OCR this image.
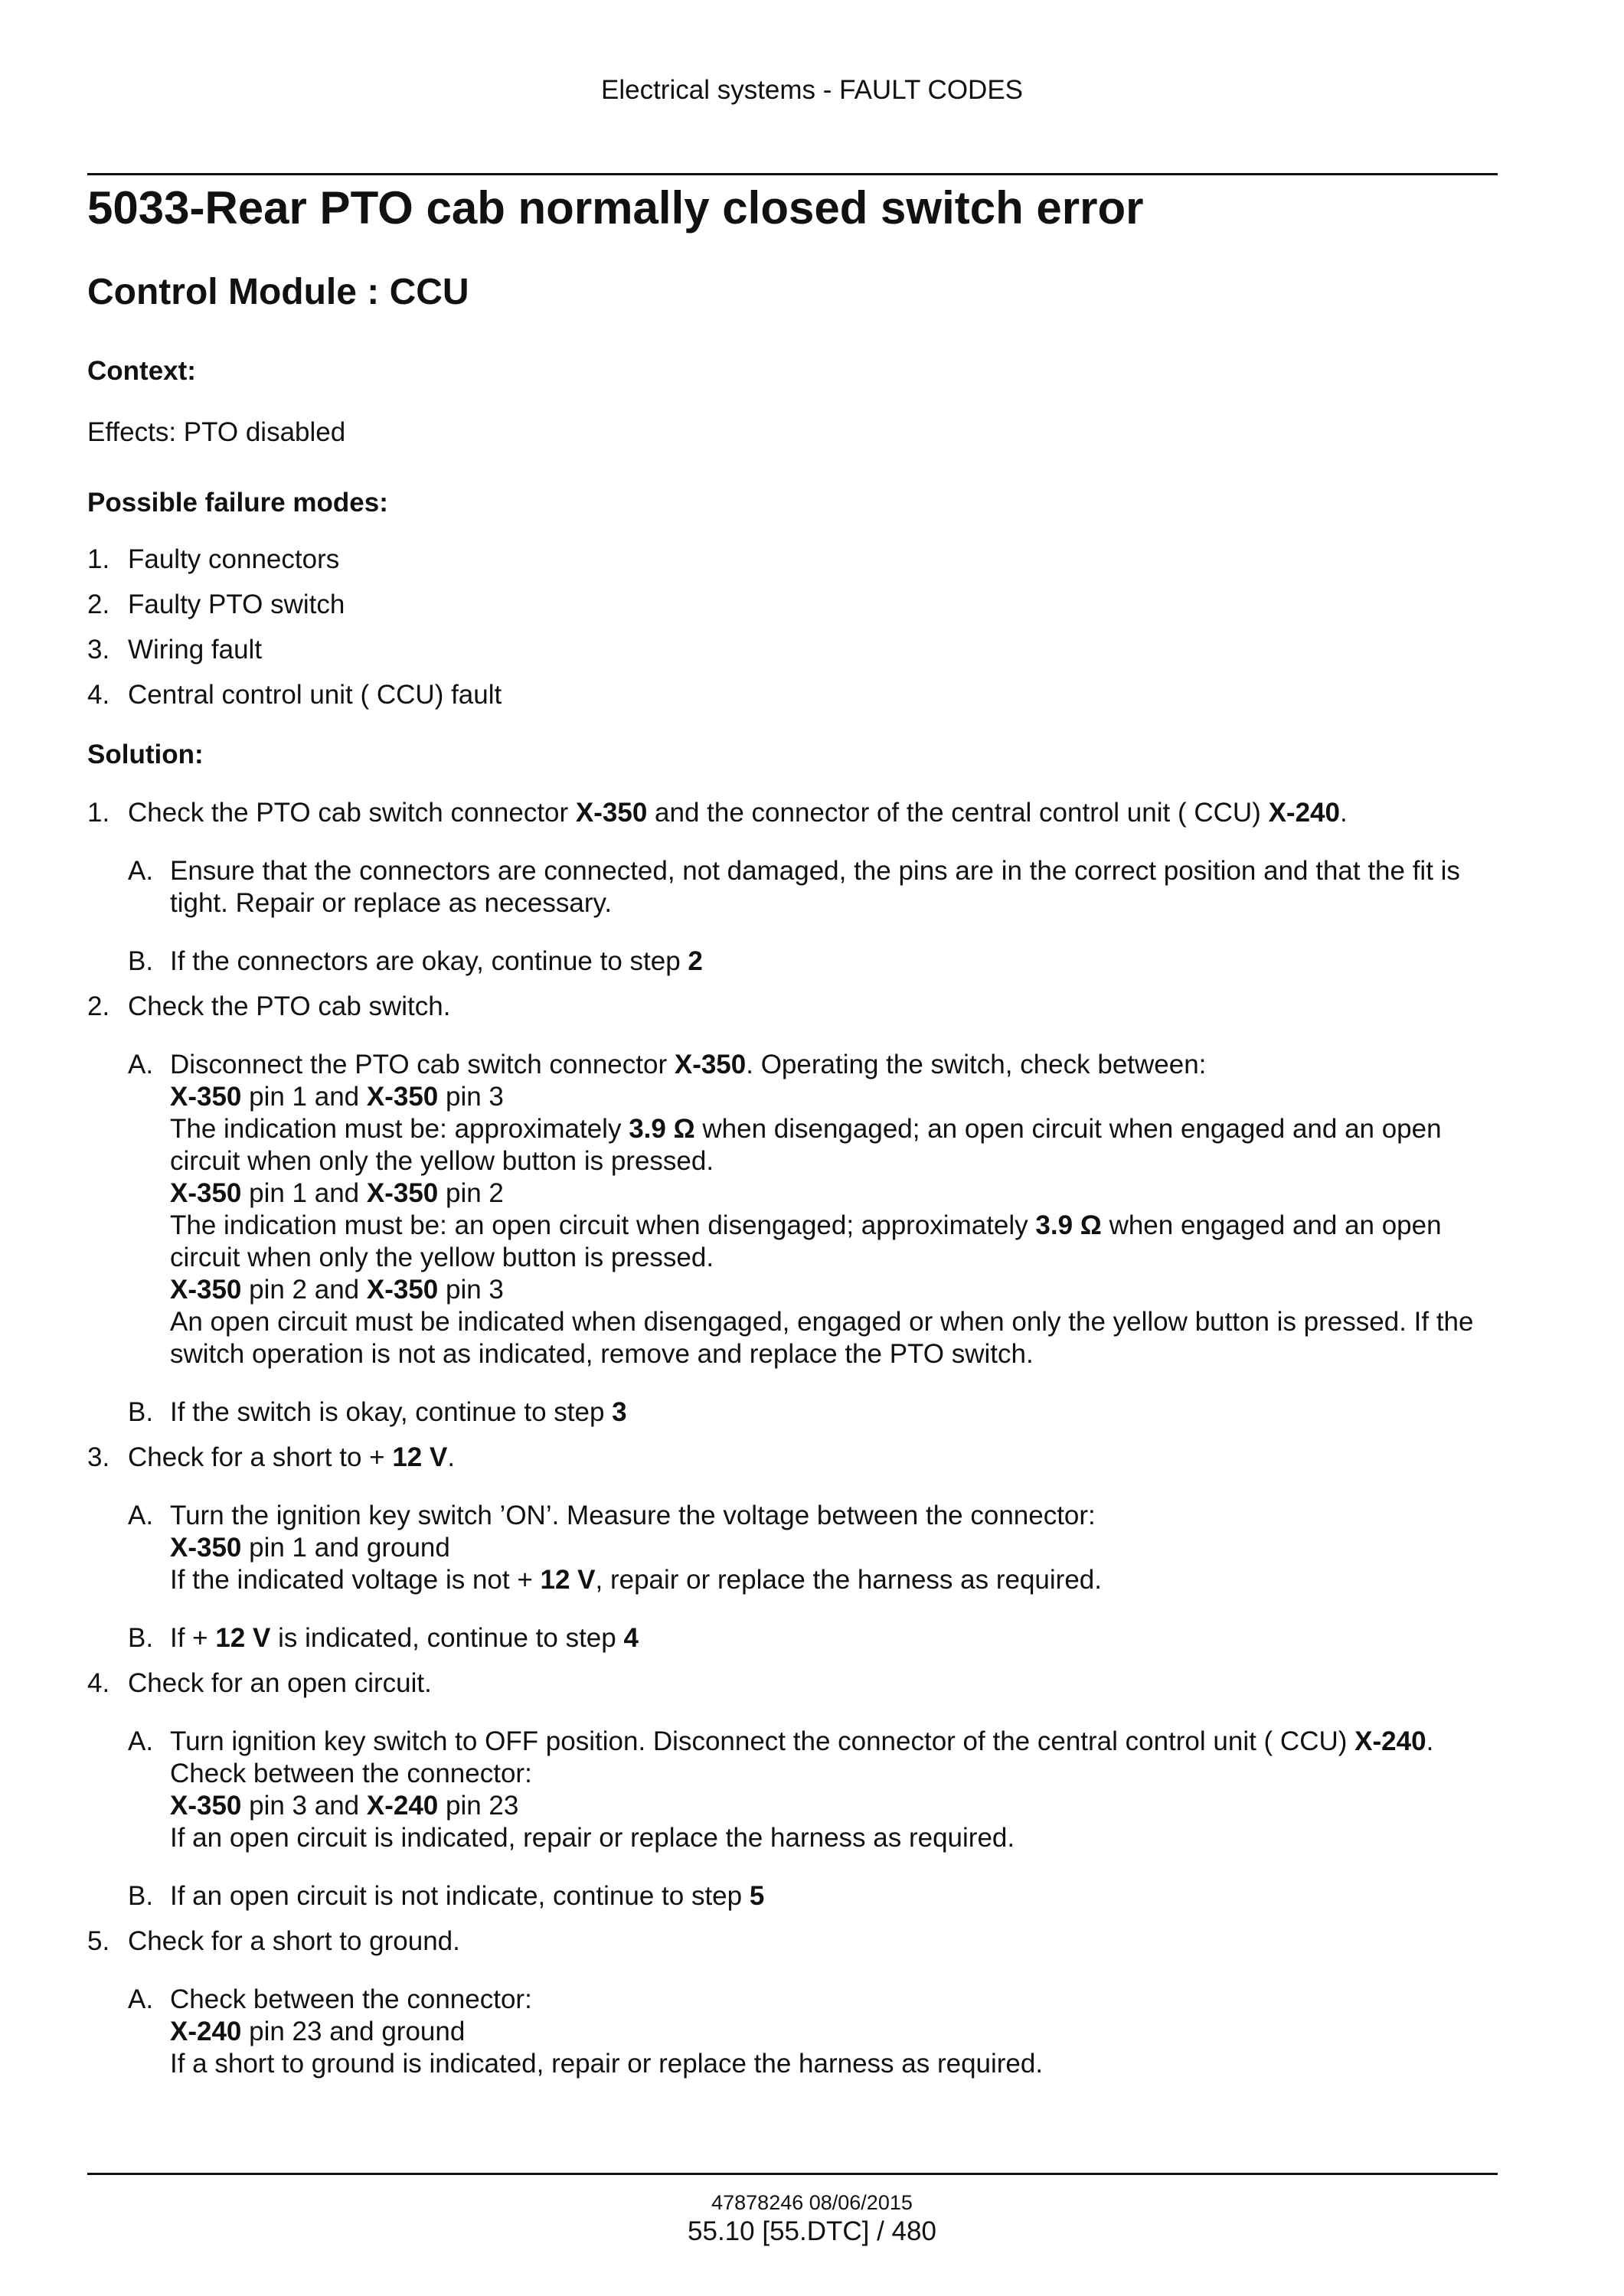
Electrical systems - FAULT CODES
5033-Rear PTO cab normally closed switch error
Control Module : CCU
Context:

Effects: PTO disabled

Possible failure modes:
1. Faulty connectors
2. Faulty PTO switch
3. Wiring fault
4. Central control unit ( CCU) fault
Solution:
1. Check the PTO cab switch connector X-350 and the connector of the central control unit ( CCU) X-240.
A. Ensure that the connectors are connected, not damaged, the pins are in the correct position and that the fit is tight. Repair or replace as necessary.
B. If the connectors are okay, continue to step 2
2. Check the PTO cab switch.
A. Disconnect the PTO cab switch connector X-350. Operating the switch, check between:
X-350 pin 1 and X-350 pin 3
The indication must be: approximately 3.9 Ω when disengaged; an open circuit when engaged and an open circuit when only the yellow button is pressed.
X-350 pin 1 and X-350 pin 2
The indication must be: an open circuit when disengaged; approximately 3.9 Ω when engaged and an open circuit when only the yellow button is pressed.
X-350 pin 2 and X-350 pin 3
An open circuit must be indicated when disengaged, engaged or when only the yellow button is pressed. If the switch operation is not as indicated, remove and replace the PTO switch.
B. If the switch is okay, continue to step 3
3. Check for a short to + 12 V.
A. Turn the ignition key switch ’ON’. Measure the voltage between the connector:
X-350 pin 1 and ground
If the indicated voltage is not + 12 V, repair or replace the harness as required.
B. If + 12 V is indicated, continue to step 4
4. Check for an open circuit.
A. Turn ignition key switch to OFF position. Disconnect the connector of the central control unit ( CCU) X-240.
Check between the connector:
X-350 pin 3 and X-240 pin 23
If an open circuit is indicated, repair or replace the harness as required.
B. If an open circuit is not indicate, continue to step 5
5. Check for a short to ground.
A. Check between the connector:
X-240 pin 23 and ground
If a short to ground is indicated, repair or replace the harness as required.
47878246 08/06/2015
55.10 [55.DTC] / 480
